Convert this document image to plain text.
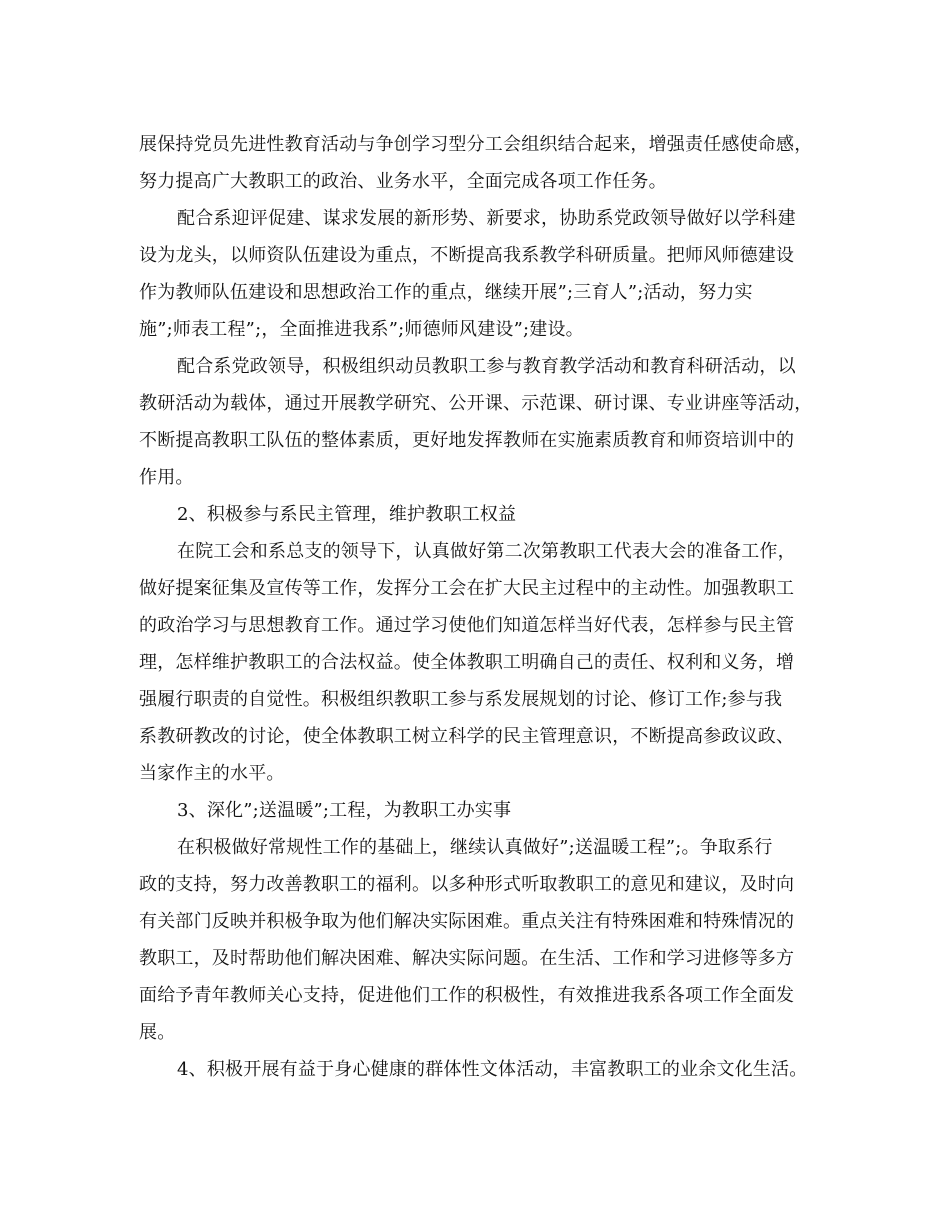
展保持党员先进性教育活动与争创学习型分工会组织结合起来，增强责任感使命感，
努力提高广大教职工的政治、业务水平，全面完成各项工作任务。
配合系迎评促建、谋求发展的新形势、新要求，协助系党政领导做好以学科建
设为龙头，以师资队伍建设为重点，不断提高我系教学科研质量。把师风师德建设
作为教师队伍建设和思想政治工作的重点，继续开展”;三育人”;活动，努力实
施”;师表工程”;，全面推进我系”;师德师风建设”;建设。
配合系党政领导，积极组织动员教职工参与教育教学活动和教育科研活动，以
教研活动为载体，通过开展教学研究、公开课、示范课、研讨课、专业讲座等活动，
不断提高教职工队伍的整体素质，更好地发挥教师在实施素质教育和师资培训中的
作用。
2、积极参与系民主管理，维护教职工权益
在院工会和系总支的领导下，认真做好第二次第教职工代表大会的准备工作，
做好提案征集及宣传等工作，发挥分工会在扩大民主过程中的主动性。加强教职工
的政治学习与思想教育工作。通过学习使他们知道怎样当好代表，怎样参与民主管
理，怎样维护教职工的合法权益。使全体教职工明确自己的责任、权利和义务，增
强履行职责的自觉性。积极组织教职工参与系发展规划的讨论、修订工作;参与我
系教研教改的讨论，使全体教职工树立科学的民主管理意识，不断提高参政议政、
当家作主的水平。
3、深化”;送温暖”;工程，为教职工办实事
在积极做好常规性工作的基础上，继续认真做好”;送温暖工程”;。争取系行
政的支持，努力改善教职工的福利。以多种形式听取教职工的意见和建议，及时向
有关部门反映并积极争取为他们解决实际困难。重点关注有特殊困难和特殊情况的
教职工，及时帮助他们解决困难、解决实际问题。在生活、工作和学习进修等多方
面给予青年教师关心支持，促进他们工作的积极性，有效推进我系各项工作全面发
展。
4、积极开展有益于身心健康的群体性文体活动，丰富教职工的业余文化生活。
